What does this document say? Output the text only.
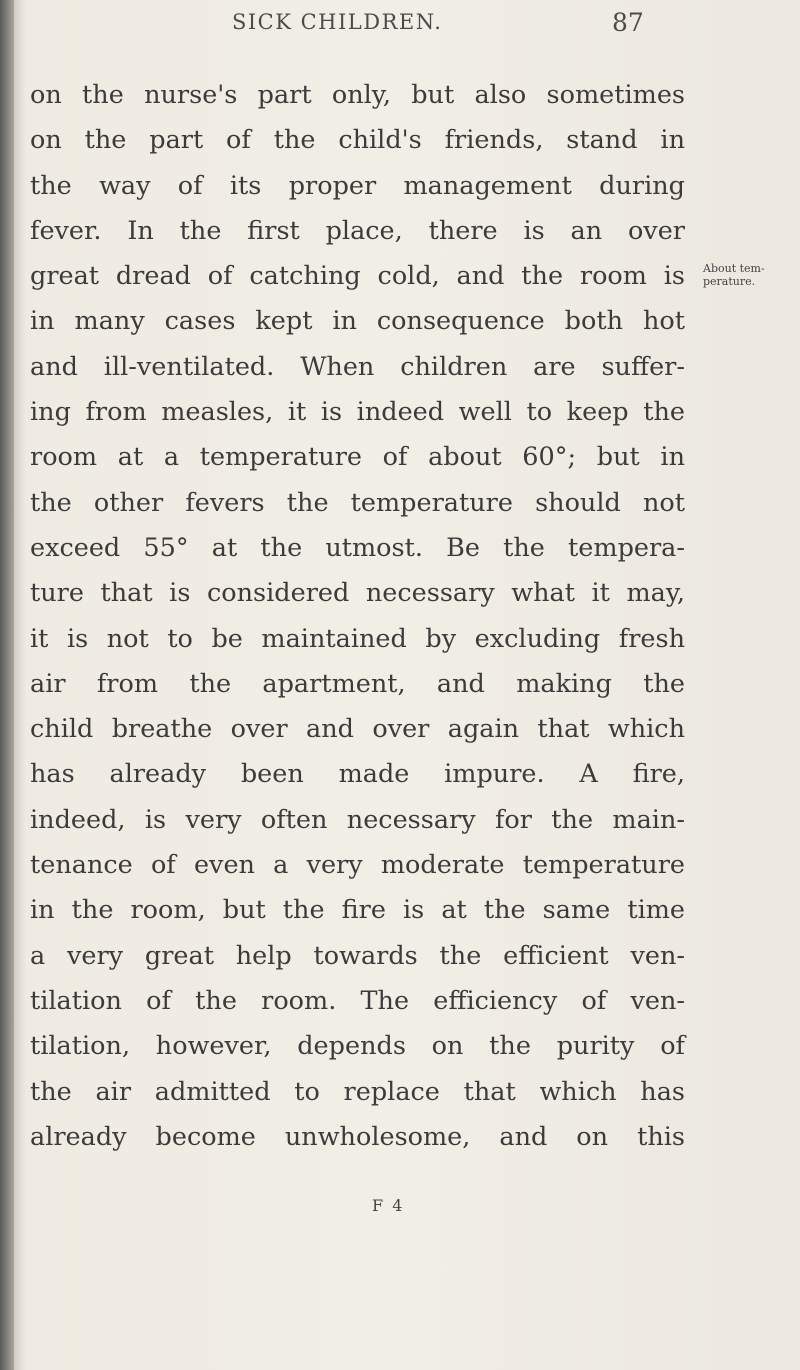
SICK CHILDREN.	87
on the nurse's part only, but also sometimes
on the part of the child's friends, stand in
the way of its proper management during
fever. In the first place, there is an over
great dread of catching cold, and the room is
in many cases kept in consequence both hot
and ill-ventilated. When children are suffer-
ing from measles, it is indeed well to keep the
room at a temperature of about 60°; but in
the other fevers the temperature should not
exceed 55° at the utmost. Be the tempera-
ture that is considered necessary what it may,
it is not to be maintained by excluding fresh
air from the apartment, and making the
child breathe over and over again that which
has already been made impure. A fire,
indeed, is very often necessary for the main-
tenance of even a very moderate temperature
in the room, but the fire is at the same time
a very great help towards the efficient ven-
tilation of the room. The efficiency of ven-
tilation, however, depends on the purity of
the air admitted to replace that which has
already become unwholesome, and on this
About tem-perature.
F 4
